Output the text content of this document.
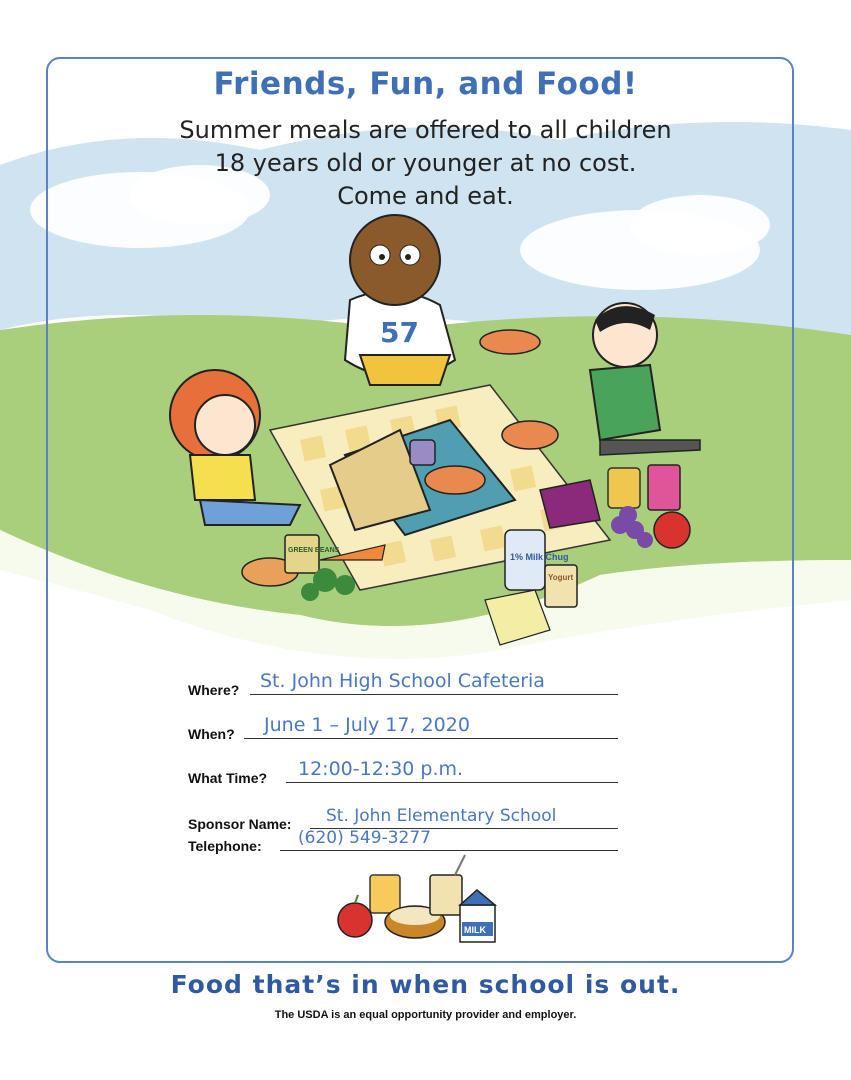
Friends, Fun, and Food!
Summer meals are offered to all children
18 years old or younger at no cost.
Come and eat.
57
GREEN BEANS
1% Milk Chug
Yogurt
Where? St. John High School Cafeteria
When? June 1 – July 17, 2020
What Time? 12:00-12:30 p.m.
Sponsor Name: St. John Elementary School
Telephone: (620) 549-3277
MILK
Food that’s in when school is out.
The USDA is an equal opportunity provider and employer.
